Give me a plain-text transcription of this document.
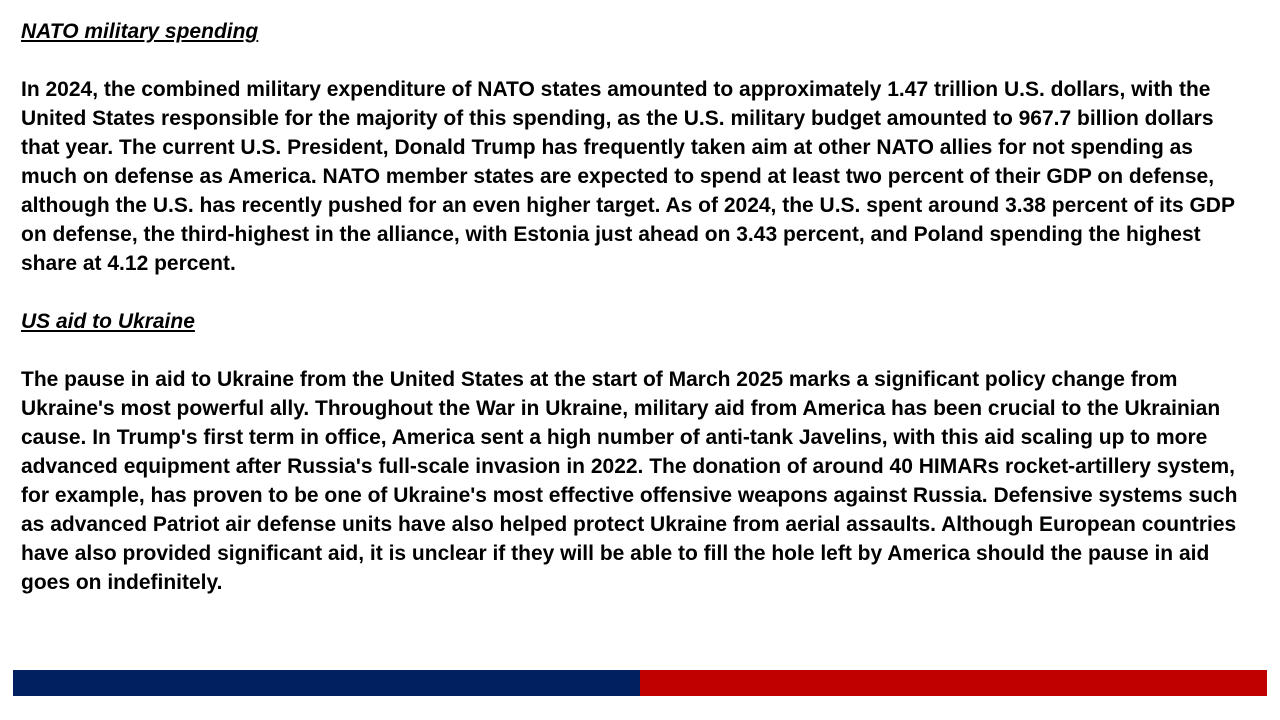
NATO military spending

In 2024, the combined military expenditure of NATO states amounted to approximately 1.47 trillion U.S. dollars, with the United States responsible for the majority of this spending, as the U.S. military budget amounted to 967.7 billion dollars that year. The current U.S. President, Donald Trump has frequently taken aim at other NATO allies for not spending as much on defense as America. NATO member states are expected to spend at least two percent of their GDP on defense, although the U.S. has recently pushed for an even higher target. As of 2024, the U.S. spent around 3.38 percent of its GDP on defense, the third-highest in the alliance, with Estonia just ahead on 3.43 percent, and Poland spending the highest share at 4.12 percent.

US aid to Ukraine

The pause in aid to Ukraine from the United States at the start of March 2025 marks a significant policy change from Ukraine's most powerful ally. Throughout the War in Ukraine, military aid from America has been crucial to the Ukrainian cause. In Trump's first term in office, America sent a high number of anti-tank Javelins, with this aid scaling up to more advanced equipment after Russia's full-scale invasion in 2022. The donation of around 40 HIMARs rocket-artillery system, for example, has proven to be one of Ukraine's most effective offensive weapons against Russia. Defensive systems such as advanced Patriot air defense units have also helped protect Ukraine from aerial assaults. Although European countries have also provided significant aid, it is unclear if they will be able to fill the hole left by America should the pause in aid goes on indefinitely.
